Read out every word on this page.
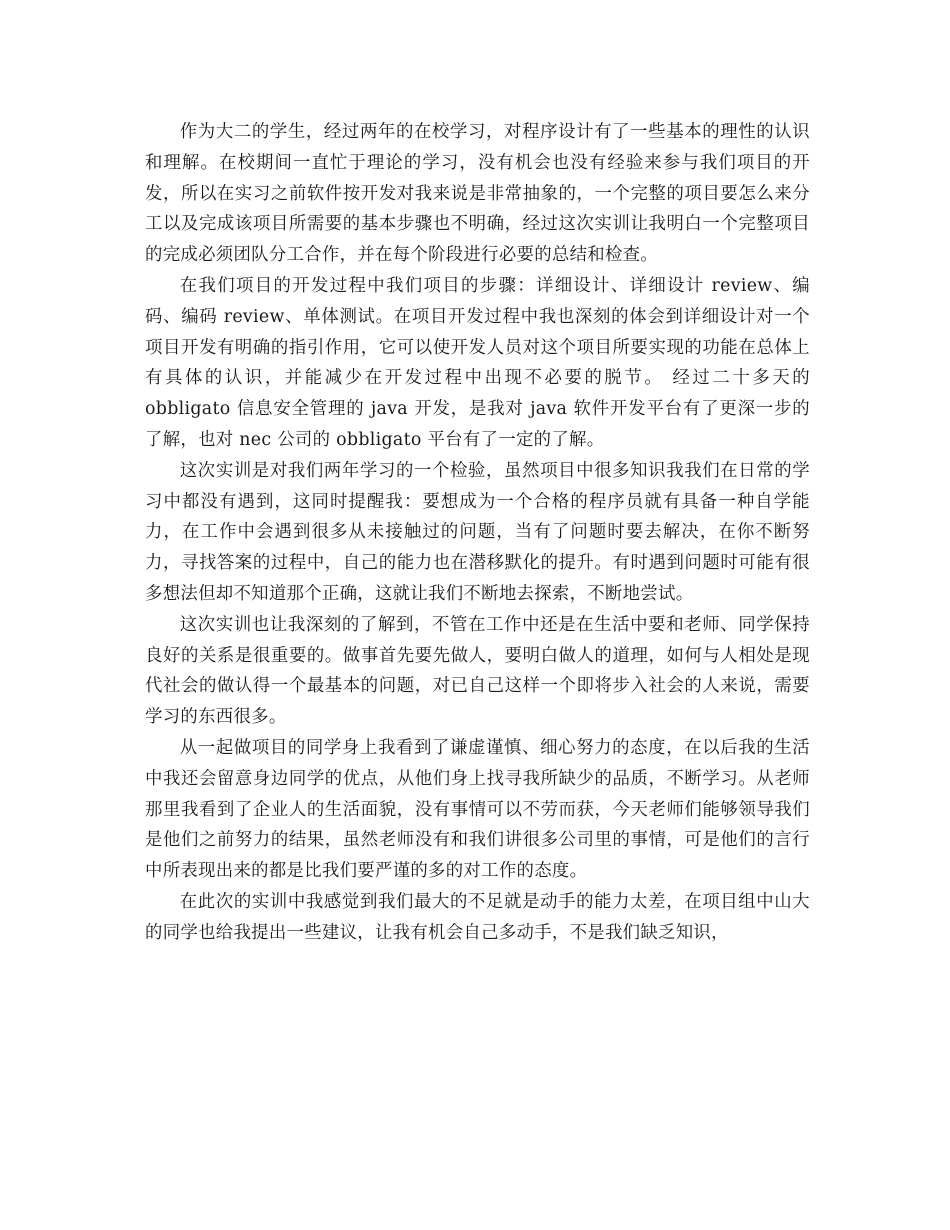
作为大二的学生，经过两年的在校学习，对程序设计有了一些基本的理性的认识和理解。在校期间一直忙于理论的学习，没有机会也没有经验来参与我们项目的开发，所以在实习之前软件按开发对我来说是非常抽象的，一个完整的项目要怎么来分工以及完成该项目所需要的基本步骤也不明确，经过这次实训让我明白一个完整项目的完成必须团队分工合作，并在每个阶段进行必要的总结和检查。

在我们项目的开发过程中我们项目的步骤：详细设计、详细设计 review、编码、编码 review、单体测试。在项目开发过程中我也深刻的体会到详细设计对一个项目开发有明确的指引作用，它可以使开发人员对这个项目所要实现的功能在总体上有具体的认识，并能减少在开发过程中出现不必要的脱节。 经过二十多天的 obbligato 信息安全管理的 java 开发，是我对 java 软件开发平台有了更深一步的了解，也对 nec 公司的 obbligato 平台有了一定的了解。

这次实训是对我们两年学习的一个检验，虽然项目中很多知识我我们在日常的学习中都没有遇到，这同时提醒我：要想成为一个合格的程序员就有具备一种自学能力，在工作中会遇到很多从未接触过的问题，当有了问题时要去解决，在你不断努力，寻找答案的过程中，自己的能力也在潜移默化的提升。有时遇到问题时可能有很多想法但却不知道那个正确，这就让我们不断地去探索，不断地尝试。

这次实训也让我深刻的了解到，不管在工作中还是在生活中要和老师、同学保持良好的关系是很重要的。做事首先要先做人，要明白做人的道理，如何与人相处是现代社会的做认得一个最基本的问题，对已自己这样一个即将步入社会的人来说，需要学习的东西很多。

从一起做项目的同学身上我看到了谦虚谨慎、细心努力的态度，在以后我的生活中我还会留意身边同学的优点，从他们身上找寻我所缺少的品质，不断学习。从老师那里我看到了企业人的生活面貌，没有事情可以不劳而获，今天老师们能够领导我们是他们之前努力的结果，虽然老师没有和我们讲很多公司里的事情，可是他们的言行中所表现出来的都是比我们要严谨的多的对工作的态度。

在此次的实训中我感觉到我们最大的不足就是动手的能力太差，在项目组中山大的同学也给我提出一些建议，让我有机会自己多动手，不是我们缺乏知识，
